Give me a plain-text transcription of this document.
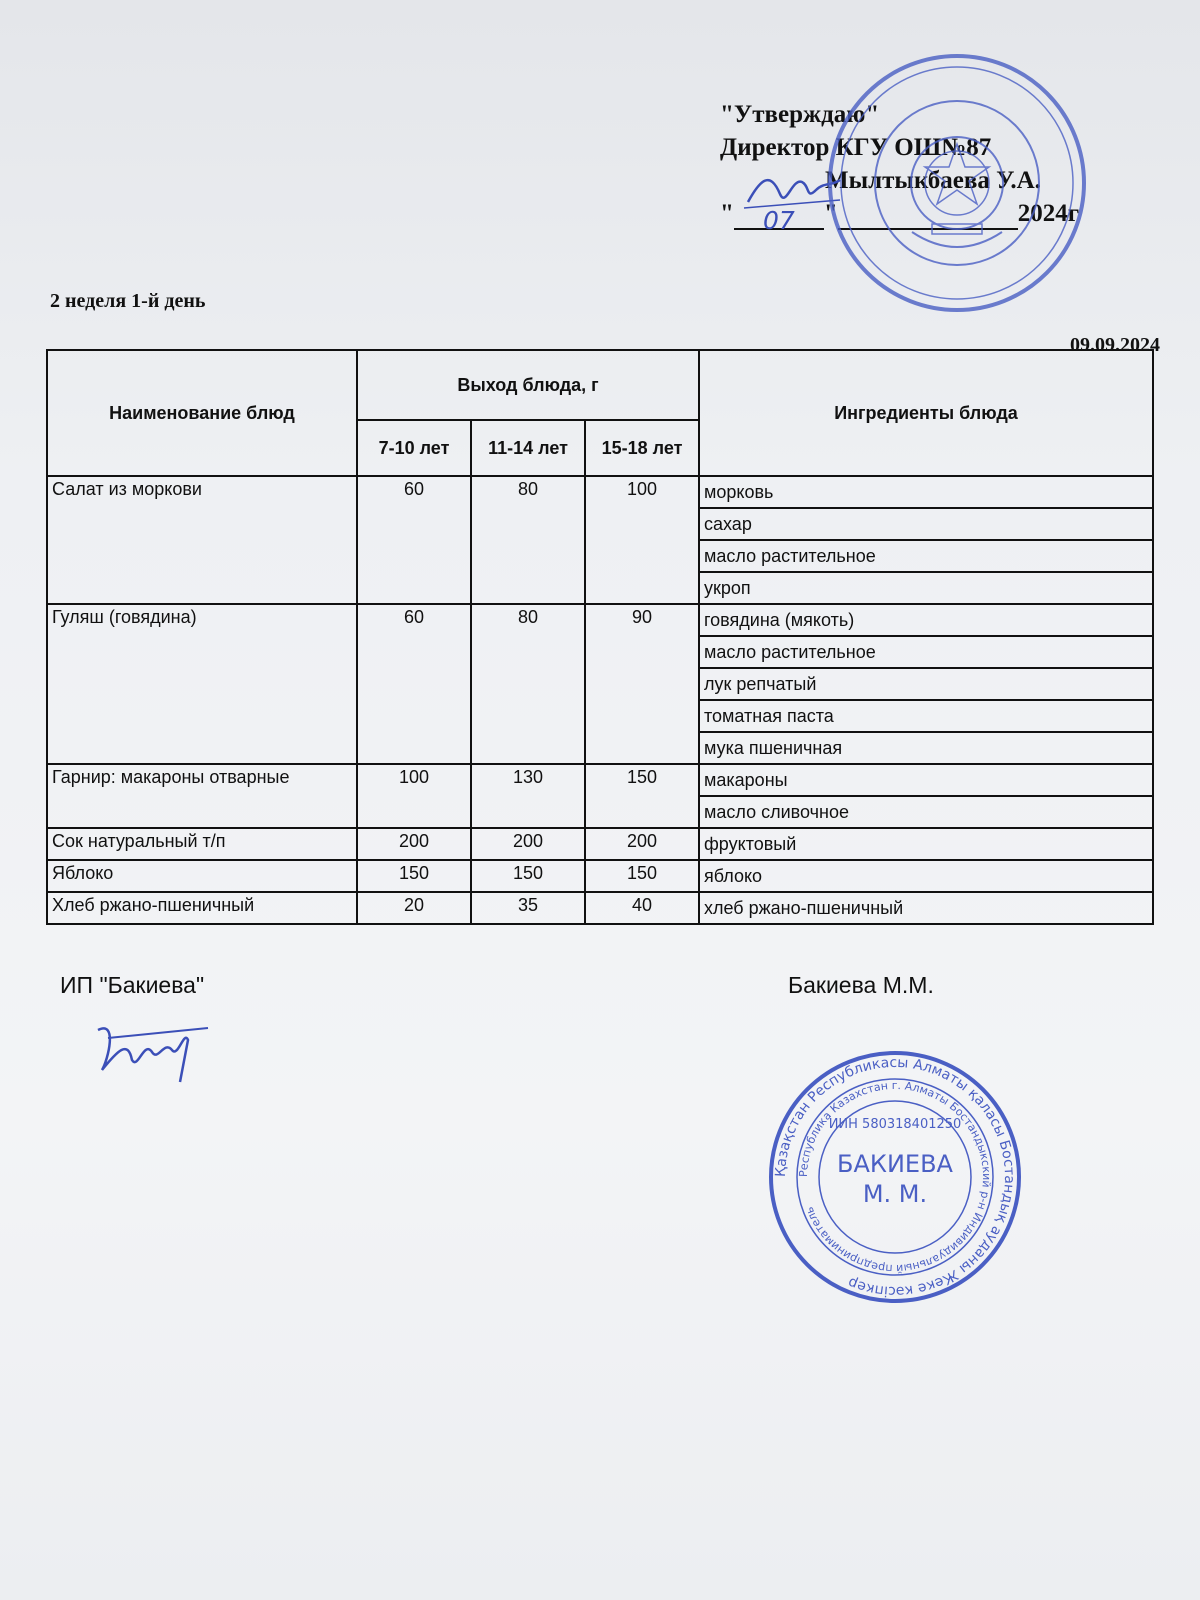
"Утверждаю"
Директор КГУ ОШ№87
Мылтыкбаева У.А.
"	07	"	2024г
2 неделя 1-й день
09.09.2024
Наименование блюд	Выход блюда, г			Ингредиенты блюда
	7-10 лет	11-14 лет	15-18 лет	
Салат из моркови	60	80	100	морковь
				сахар
				масло растительное
				укроп
Гуляш (говядина)	60	80	90	говядина (мякоть)
				масло растительное
				лук репчатый
				томатная паста
				мука пшеничная
Гарнир: макароны отварные	100	130	150	макароны
				масло сливочное
Сок натуральный т/п	200	200	200	фруктовый
Яблоко	150	150	150	яблоко
Хлеб ржано-пшеничный	20	35	40	хлеб ржано-пшеничный
ИП "Бакиева"	Бакиева М.М.
Қазақстан Республикасы Алматы қаласы Бостандық ауданы Жеке кәсіпкер
Республика Казахстан г. Алматы Бостандыкский р-н Индивидуальный предприниматель
ИИН 580318401250
БАКИЕВА
М. М.
